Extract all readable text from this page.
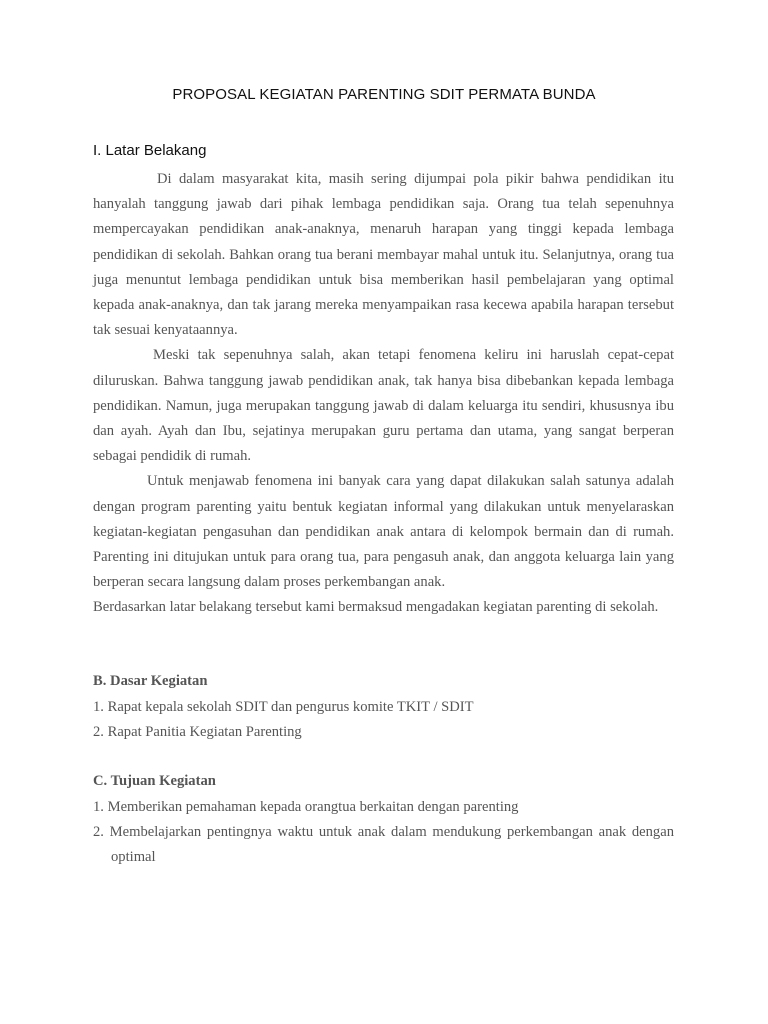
PROPOSAL KEGIATAN PARENTING SDIT PERMATA BUNDA
I. Latar Belakang

Di dalam masyarakat kita, masih sering dijumpai pola pikir bahwa pendidikan itu hanyalah tanggung jawab dari pihak lembaga pendidikan saja. Orang tua telah sepenuhnya mempercayakan pendidikan anak-anaknya, menaruh harapan yang tinggi kepada lembaga pendidikan di sekolah. Bahkan orang tua berani membayar mahal untuk itu. Selanjutnya, orang tua juga menuntut lembaga pendidikan untuk bisa memberikan hasil pembelajaran yang optimal kepada anak-anaknya, dan tak jarang mereka menyampaikan rasa kecewa apabila harapan tersebut tak sesuai kenyataannya.

Meski tak sepenuhnya salah, akan tetapi fenomena keliru ini haruslah cepat-cepat diluruskan. Bahwa tanggung jawab pendidikan anak, tak hanya bisa dibebankan kepada lembaga pendidikan. Namun, juga merupakan tanggung jawab di dalam keluarga itu sendiri, khususnya ibu dan ayah. Ayah dan Ibu, sejatinya merupakan guru pertama dan utama, yang sangat berperan sebagai pendidik di rumah.

Untuk menjawab fenomena ini banyak cara yang dapat dilakukan salah satunya adalah dengan program parenting yaitu bentuk kegiatan informal yang dilakukan untuk menyelaraskan kegiatan-kegiatan pengasuhan dan pendidikan anak antara di kelompok bermain dan di rumah. Parenting ini ditujukan untuk para orang tua, para pengasuh anak, dan anggota keluarga lain yang berperan secara langsung dalam proses perkembangan anak.

Berdasarkan latar belakang tersebut kami bermaksud mengadakan kegiatan parenting di sekolah.

B. Dasar Kegiatan

1. Rapat kepala sekolah SDIT dan pengurus komite TKIT / SDIT

2. Rapat Panitia Kegiatan Parenting

C. Tujuan Kegiatan

1. Memberikan pemahaman kepada orangtua berkaitan dengan parenting

2. Membelajarkan pentingnya waktu untuk anak dalam mendukung perkembangan anak dengan optimal
